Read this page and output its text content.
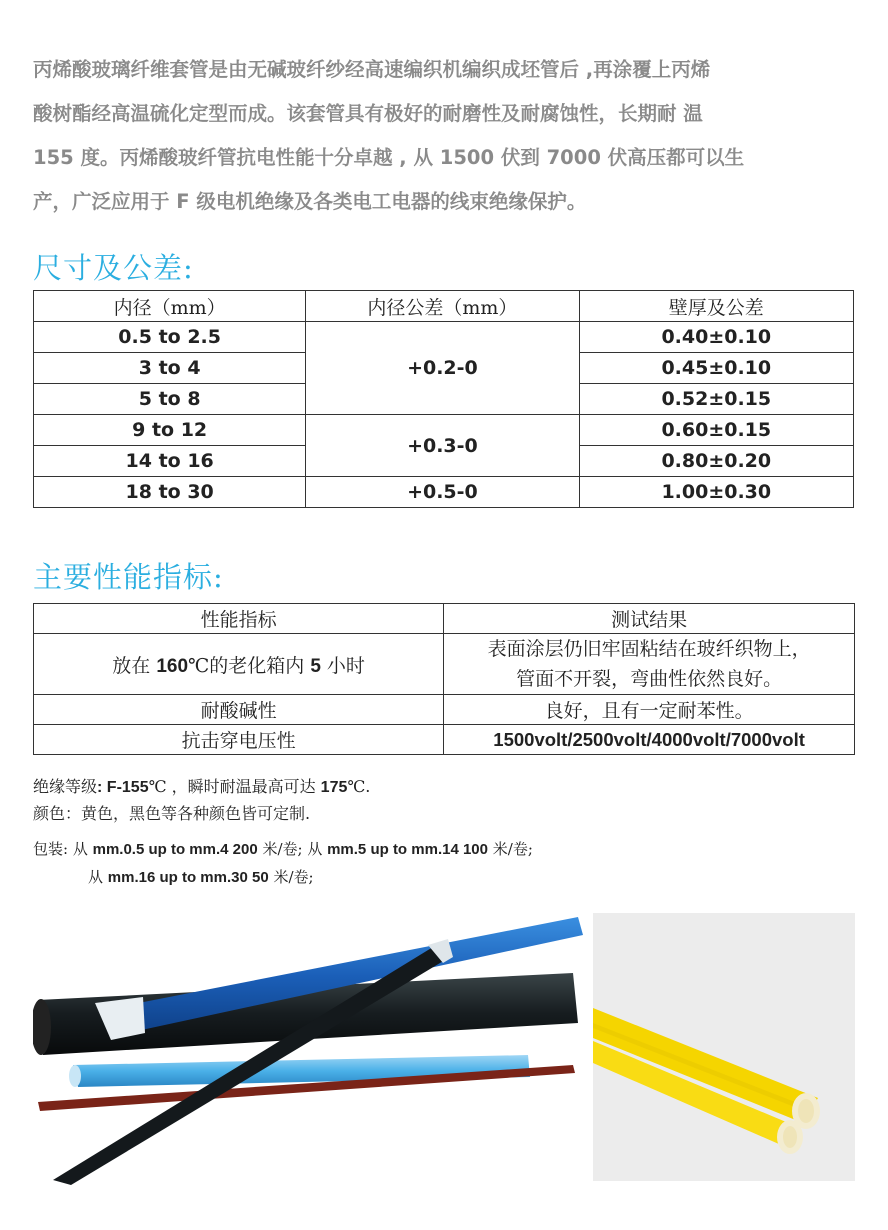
丙烯酸玻璃纤维套管是由无碱玻纤纱经高速编织机编织成坯管后 ,再涂覆上丙烯

酸树酯经高温硫化定型而成。该套管具有极好的耐磨性及耐腐蚀性，长期耐 温

155 度。丙烯酸玻纤管抗电性能十分卓越 , 从 1500 伏到 7000 伏高压都可以生

产，广泛应用于 F 级电机绝缘及各类电工电器的线束绝缘保护。

尺寸及公差:
内径（mm）	内径公差（mm）	壁厚及公差
0.5 to 2.5	+0.2-0	0.40±0.10
3 to 4		0.45±0.10
5 to 8		0.52±0.15
9 to 12	+0.3-0	0.60±0.15
14 to 16		0.80±0.20
18 to 30	+0.5-0	1.00±0.30
主要性能指标:
性能指标	测试结果
放在 160℃的老化箱内 5 小时	表面涂层仍旧牢固粘结在玻纤织物上，
管面不开裂，弯曲性依然良好。

耐酸碱性	良好，且有一定耐苯性。
抗击穿电压性	1500volt/2500volt/4000volt/7000volt
绝缘等级: F-155℃ ，瞬时耐温最高可达 175℃.
颜色：黄色，黑色等各种颜色皆可定制.
包装: 从 mm.0.5 up to mm.4 200 米/卷; 从 mm.5 up to mm.14 100 米/卷;
从 mm.16 up to mm.30 50 米/卷;
